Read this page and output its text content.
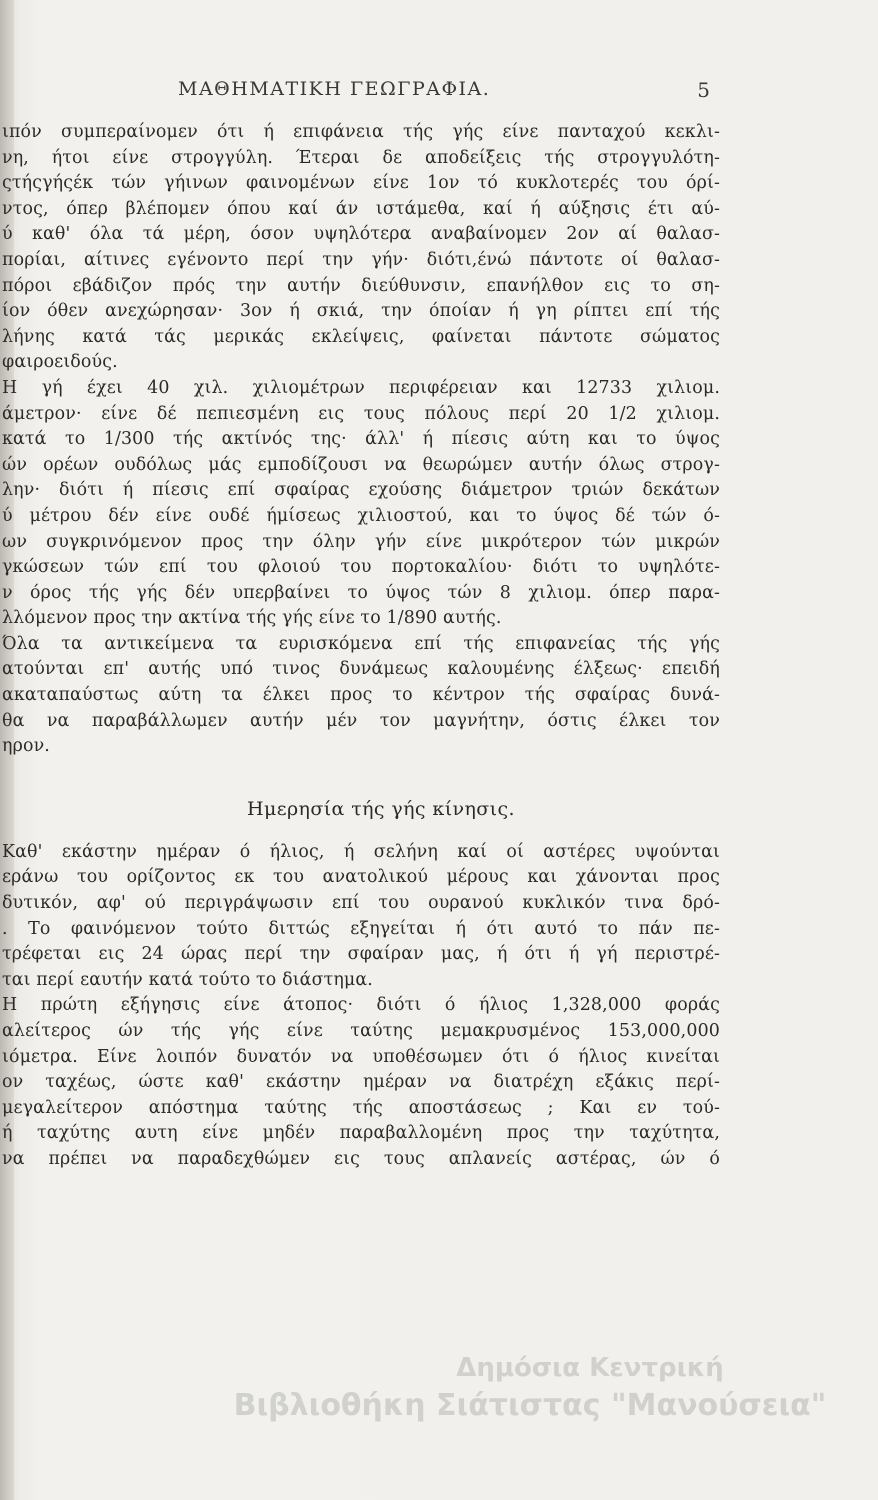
ΜΑΘΗΜΑΤΙΚΗ ΓΕΩΓΡΑΦΙΑ.	5
ιπόν συμπεραίνομεν ότι ή επιφάνεια τής γής είνε πανταχού κεκλι-
νη, ήτοι είνε στρογγύλη. Έτεραι δε αποδείξεις τής στρογγυλότη-
ςτήςγήςέκ τών γήινων φαινομένων είνε 1ον τό κυκλοτερές του όρί-
ντος, όπερ βλέπομεν όπου καί άν ιστάμεθα, καί ή αύξησις έτι αύ-
ύ καθ' όλα τά μέρη, όσον υψηλότερα αναβαίνομεν 2ον αί θαλασ-
πορίαι, αίτινες εγένοντο περί την γήν· διότι,ένώ πάντοτε οί θαλασ-
πόροι εβάδιζον πρός την αυτήν διεύθυνσιν, επανήλθον εις το ση-
ίον όθεν ανεχώρησαν· 3ον ή σκιά, την όποίαν ή γη ρίπτει επί τής
λήνης κατά τάς μερικάς εκλείψεις, φαίνεται πάντοτε σώματος
φαιροειδούς.
Η γή έχει 40 χιλ. χιλιομέτρων περιφέρειαν και 12733 χιλιομ.
άμετρον· είνε δέ πεπιεσμένη εις τους πόλους περί 20 1/2 χιλιομ.
κατά το 1/300 τής ακτίνός της· άλλ' ή πίεσις αύτη και το ύψος
ών ορέων ουδόλως μάς εμποδίζουσι να θεωρώμεν αυτήν όλως στρογ-
λην· διότι ή πίεσις επί σφαίρας εχούσης διάμετρον τριών δεκάτων
ύ μέτρου δέν είνε ουδέ ήμίσεως χιλιοστού, και το ύψος δέ τών ό-
ων συγκρινόμενον προς την όλην γήν είνε μικρότερον τών μικρών
γκώσεων τών επί του φλοιού του πορτοκαλίου· διότι το υψηλότε-
ν όρος τής γής δέν υπερβαίνει το ύψος τών 8 χιλιομ. όπερ παρα-
λλόμενον προς την ακτίνα τής γής είνε το 1/890 αυτής.
Όλα τα αντικείμενα τα ευρισκόμενα επί τής επιφανείας τής γής
ατούνται επ' αυτής υπό τινος δυνάμεως καλουμένης έλξεως· επειδή
ακαταπαύστως αύτη τα έλκει προς το κέντρον τής σφαίρας δυνά-
θα να παραβάλλωμεν αυτήν μέν τον μαγνήτην, όστις έλκει τον
ηρον.
Ημερησία τής γής κίνησις.
Καθ' εκάστην ημέραν ό ήλιος, ή σελήνη καί οί αστέρες υψούνται
εράνω του ορίζοντος εκ του ανατολικού μέρους και χάνονται προς
δυτικόν, αφ' ού περιγράψωσιν επί του ουρανού κυκλικόν τινα δρό-
. Το φαινόμενον τούτο διττώς εξηγείται ή ότι αυτό το πάν πε-
τρέφεται εις 24 ώρας περί την σφαίραν μας, ή ότι ή γή περιστρέ-
ται περί εαυτήν κατά τούτο το διάστημα.
Η πρώτη εξήγησις είνε άτοπος· διότι ό ήλιος 1,328,000 φοράς
αλείτερος ών τής γής είνε ταύτης μεμακρυσμένος 153,000,000
ιόμετρα. Είνε λοιπόν δυνατόν να υποθέσωμεν ότι ό ήλιος κινείται
ον ταχέως, ώστε καθ' εκάστην ημέραν να διατρέχη εξάκις περί-
μεγαλείτερον απόστημα ταύτης τής αποστάσεως ; Και εν τού-
ή ταχύτης αυτη είνε μηδέν παραβαλλομένη προς την ταχύτητα,
να πρέπει να παραδεχθώμεν εις τους απλανείς αστέρας, ών ό
Δημόσια Κεντρική
Βιβλιοθήκη Σιάτιστας "Μανούσεια"
